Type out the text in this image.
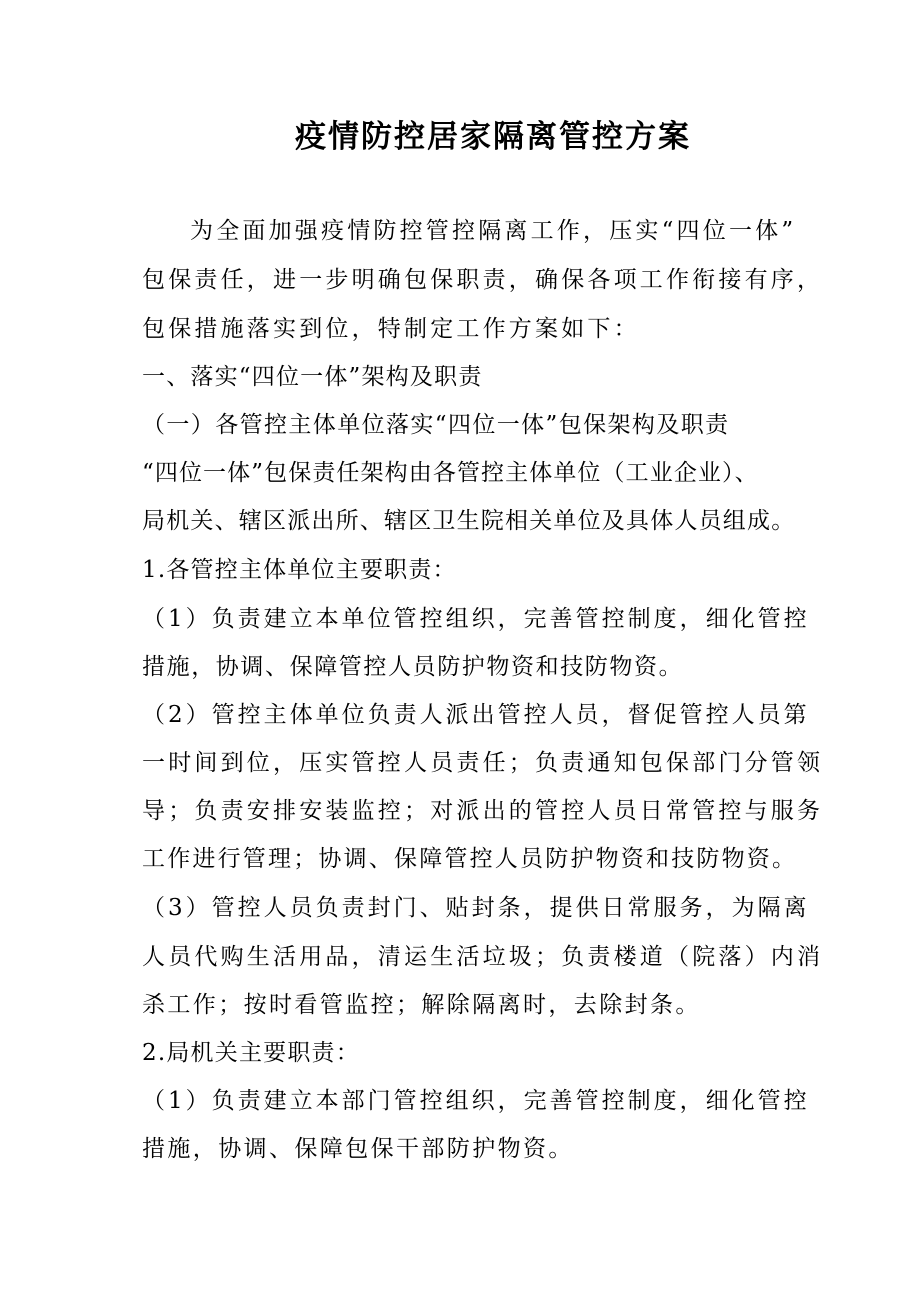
疫情防控居家隔离管控方案

为全面加强疫情防控管控隔离工作，压实“四位一体”

包保责任，进一步明确包保职责，确保各项工作衔接有序，

包保措施落实到位，特制定工作方案如下：

一、落实“四位一体”架构及职责

（一）各管控主体单位落实“四位一体”包保架构及职责

“四位一体”包保责任架构由各管控主体单位（工业企业）、

局机关、辖区派出所、辖区卫生院相关单位及具体人员组成。

1.各管控主体单位主要职责：

（1）负责建立本单位管控组织，完善管控制度，细化管控

措施，协调、保障管控人员防护物资和技防物资。

（2）管控主体单位负责人派出管控人员，督促管控人员第

一时间到位，压实管控人员责任；负责通知包保部门分管领

导；负责安排安装监控；对派出的管控人员日常管控与服务

工作进行管理；协调、保障管控人员防护物资和技防物资。

（3）管控人员负责封门、贴封条，提供日常服务，为隔离

人员代购生活用品，清运生活垃圾；负责楼道（院落）内消

杀工作；按时看管监控；解除隔离时，去除封条。

2.局机关主要职责：

（1）负责建立本部门管控组织，完善管控制度，细化管控

措施，协调、保障包保干部防护物资。
